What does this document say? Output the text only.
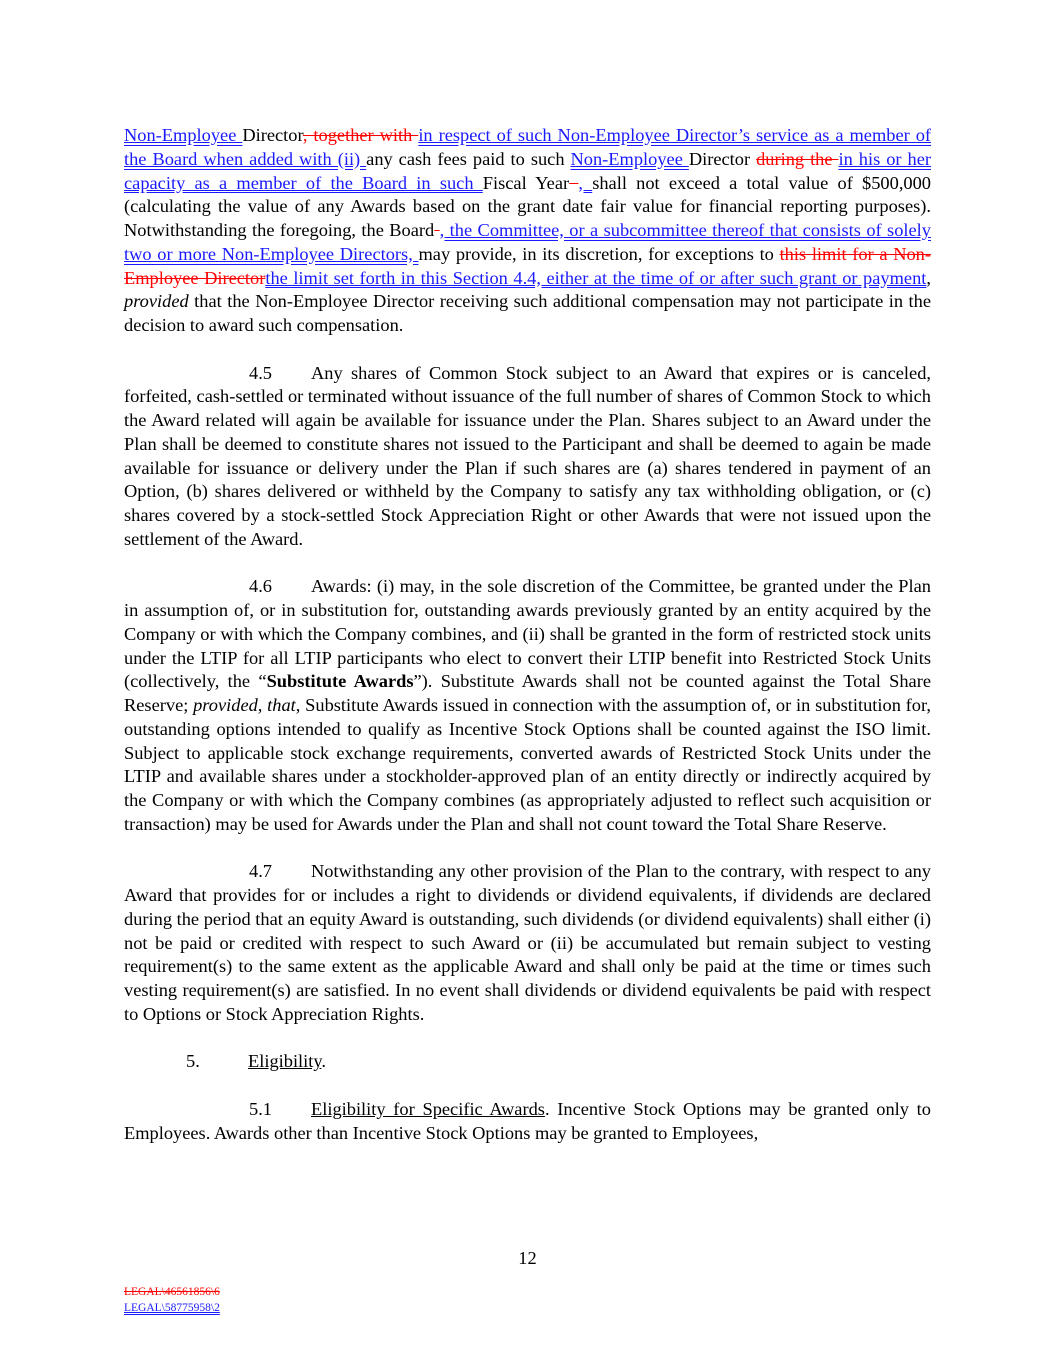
Non-Employee Director, together with in respect of such Non-Employee Director’s service as a member of the Board when added with (ii) any cash fees paid to such Non-Employee Director during the in his or her capacity as a member of the Board in such Fiscal Year , shall not exceed a total value of $500,000 (calculating the value of any Awards based on the grant date fair value for financial reporting purposes). Notwithstanding the foregoing, the Board , the Committee, or a subcommittee thereof that consists of solely two or more Non-Employee Directors, may provide, in its discretion, for exceptions to this limit for a Non-Employee Directorthe limit set forth in this Section 4.4, either at the time of or after such grant or payment, provided that the Non-Employee Director receiving such additional compensation may not participate in the decision to award such compensation.

4.5 Any shares of Common Stock subject to an Award that expires or is canceled, forfeited, cash-settled or terminated without issuance of the full number of shares of Common Stock to which the Award related will again be available for issuance under the Plan. Shares subject to an Award under the Plan shall be deemed to constitute shares not issued to the Participant and shall be deemed to again be made available for issuance or delivery under the Plan if such shares are (a) shares tendered in payment of an Option, (b) shares delivered or withheld by the Company to satisfy any tax withholding obligation, or (c) shares covered by a stock-settled Stock Appreciation Right or other Awards that were not issued upon the settlement of the Award.

4.6 Awards: (i) may, in the sole discretion of the Committee, be granted under the Plan in assumption of, or in substitution for, outstanding awards previously granted by an entity acquired by the Company or with which the Company combines, and (ii) shall be granted in the form of restricted stock units under the LTIP for all LTIP participants who elect to convert their LTIP benefit into Restricted Stock Units (collectively, the “Substitute Awards”). Substitute Awards shall not be counted against the Total Share Reserve; provided, that, Substitute Awards issued in connection with the assumption of, or in substitution for, outstanding options intended to qualify as Incentive Stock Options shall be counted against the ISO limit. Subject to applicable stock exchange requirements, converted awards of Restricted Stock Units under the LTIP and available shares under a stockholder-approved plan of an entity directly or indirectly acquired by the Company or with which the Company combines (as appropriately adjusted to reflect such acquisition or transaction) may be used for Awards under the Plan and shall not count toward the Total Share Reserve.

4.7 Notwithstanding any other provision of the Plan to the contrary, with respect to any Award that provides for or includes a right to dividends or dividend equivalents, if dividends are declared during the period that an equity Award is outstanding, such dividends (or dividend equivalents) shall either (i) not be paid or credited with respect to such Award or (ii) be accumulated but remain subject to vesting requirement(s) to the same extent as the applicable Award and shall only be paid at the time or times such vesting requirement(s) are satisfied. In no event shall dividends or dividend equivalents be paid with respect to Options or Stock Appreciation Rights.

5.	Eligibility.

5.1 Eligibility for Specific Awards. Incentive Stock Options may be granted only to Employees. Awards other than Incentive Stock Options may be granted to Employees,

12
LEGAL\46561856\6
LEGAL\58775958\2
